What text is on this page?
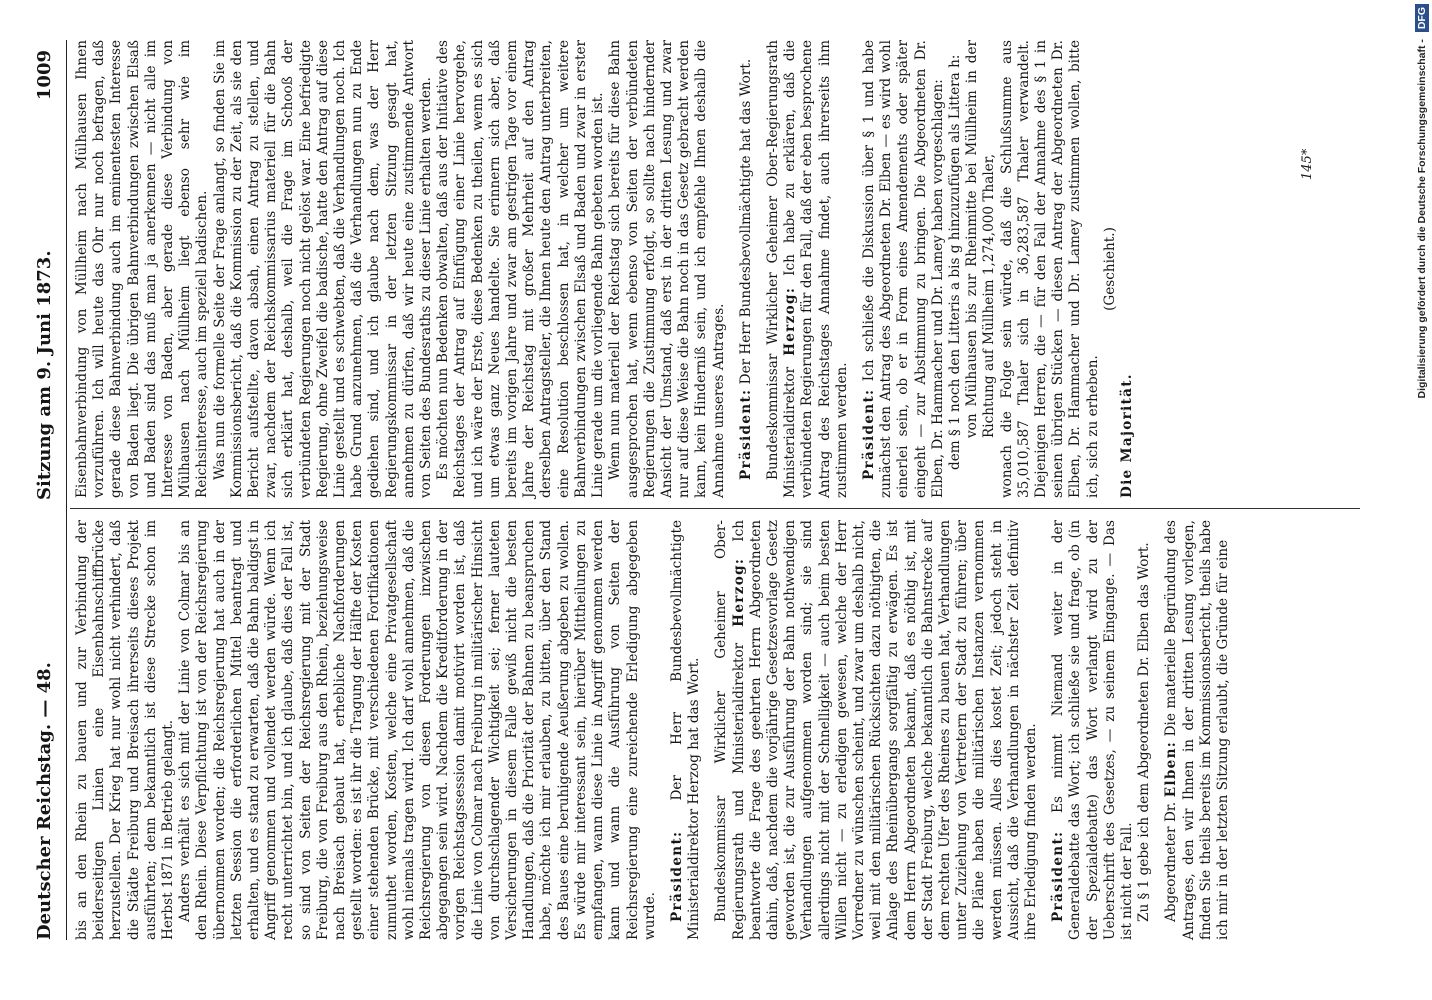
Deutscher Reichstag. — 48.
Sitzung am 9. Juni 1873.
1009

bis an den Rhein zu bauen und zur Verbindung der beiderseitigen Linien eine Eisenbahnschiffbrücke herzustellen. Der Krieg hat nur wohl nicht verhindert, daß die Städte Freiburg und Breisach ihrerseits dieses Projekt ausführten; denn bekanntlich ist diese Strecke schon im Herbst 1871 in Betrieb gelangt. Anders verhält es sich mit der Linie von Colmar bis an den Rhein. Diese Verpflichtung ist von der Reichsregierung übernommen worden; die Reichsregierung hat auch in der letzten Session die erforderlichen Mittel beantragt und erhalten, und es stand zu erwarten, daß die Bahn baldigst in Angriff genommen und vollendet werden würde. Wenn ich recht unterrichtet bin, und ich glaube, daß dies der Fall ist, so sind von Seiten der Reichsregierung mit der Stadt Freiburg, die von Freiburg aus den Rhein, beziehungsweise nach Breisach gebaut hat, erhebliche Nachforderungen gestellt worden: es ist ihr die Tragung der Hälfte der Kosten einer stehenden Brücke, mit verschiedenen Fortifikationen zumuthet worden, Kosten, welche eine Privatgesellschaft wohl niemals tragen wird. Ich darf wohl annehmen, daß die Reichsregierung von diesen Forderungen inzwischen abgegangen sein wird. Nachdem die Kreditforderung in der vorigen Reichstagssession damit motivirt worden ist, daß die Linie von Colmar nach Freiburg in militärischer Hinsicht von durchschlagender Wichtigkeit sei; ferner lauteten Versicherungen in diesem Falle gewiß nicht die besten Handlungen, daß die Priorität der Bahnen zu beanspruchen habe, möchte ich mir erlauben, zu bitten, über den Stand des Baues eine beruhigende Aeußerung abgeben zu wollen. Es würde mir interessant sein, hierüber Mittheilungen zu empfangen, wann diese Linie in Angriff genommen werden kann und wann die Ausführung von Seiten der Reichsregierung eine zureichende Erledigung abgegeben wurde. Präsident: Der Herr Bundesbevollmächtigte Ministerialdirektor Herzog hat das Wort. Bundeskommissar Wirklicher Geheimer Ober-Regierungsrath und Ministerialdirektor Herzog: Ich beantworte die Frage des geehrten Herrn Abgeordneten dahin, daß, nachdem die vorjährige Gesetzesvorlage Gesetz geworden ist, die zur Ausführung der Bahn nothwendigen Verhandlungen aufgenommen worden sind; sie sind allerdings nicht mit der Schnelligkeit — auch beim besten Willen nicht — zu erledigen gewesen, welche der Herr Vorredner zu wünschen scheint, und zwar um deshalb nicht, weil mit den militärischen Rücksichten dazu nöthigten, die Anlage des Rheinübergangs sorgfältig zu erwägen. Es ist dem Herrn Abgeordneten bekannt, daß es nöthig ist, mit der Stadt Freiburg, welche bekanntlich die Bahnstrecke auf dem rechten Ufer des Rheines zu bauen hat, Verhandlungen unter Zuziehung von Vertretern der Stadt zu führen; über die Pläne haben die militärischen Instanzen vernommen werden müssen. Alles dies kostet Zeit; jedoch steht in Aussicht, daß die Verhandlungen in nächster Zeit definitiv ihre Erledigung finden werden. Präsident: Es nimmt Niemand weiter in der Generaldebatte das Wort; ich schließe sie und frage, ob (in der Spezialdebatte) das Wort verlangt wird zu der Ueberschrift des Gesetzes, — zu seinem Eingange. — Das ist nicht der Fall. Zu § 1 gebe ich dem Abgeordneten Dr. Elben das Wort. Abgeordneter Dr. Elben: Die materielle Begründung des Antrages, den wir Ihnen in der dritten Lesung vorlegen, finden Sie theils bereits im Kommissionsbericht, theils habe ich mir in der letzten Sitzung erlaubt, die Gründe für eine

Eisenbahnverbindung von Müllheim nach Mülhausen Ihnen vorzuführen. Ich will heute das Ohr nur noch befragen, daß gerade diese Bahnverbindung auch im eminentesten Interesse von Baden liegt. Die übrigen Bahnverbindungen zwischen Elsaß und Baden sind das muß man ja anerkennen — nicht alle im Interesse von Baden, aber gerade diese Verbindung von Mülhausen nach Müllheim liegt ebenso sehr wie im Reichsinteresse, auch im speziell badischen. Was nun die formelle Seite der Frage anlangt, so finden Sie im Kommissionsbericht, daß die Kommission zu der Zeit, als sie den Bericht aufstellte, davon absah, einen Antrag zu stellen, und zwar, nachdem der Reichskommissarius materiell für die Bahn sich erklärt hat, deshalb, weil die Frage im Schooß der verbündeten Regierungen noch nicht gelöst war. Eine befriedigte Regierung, ohne Zweifel die badische, hatte den Antrag auf diese Linie gestellt und es schwebten, daß die Verhandlungen noch. Ich habe Grund anzunehmen, daß die Verhandlungen nun zu Ende gediehen sind, und ich glaube nach dem, was der Herr Regierungskommissar in der letzten Sitzung gesagt hat, annehmen zu dürfen, daß wir heute eine zustimmende Antwort von Seiten des Bundesraths zu dieser Linie erhalten werden. Es möchten nun Bedenken obwalten, daß aus der Initiative des Reichstages der Antrag auf Einfügung einer Linie hervorgehe, und ich wäre der Erste, diese Bedenken zu theilen, wenn es sich um etwas ganz Neues handelte. Sie erinnern sich aber, daß bereits im vorigen Jahre und zwar am gestrigen Tage vor einem Jahre der Reichstag mit großer Mehrheit auf den Antrag derselben Antragsteller, die Ihnen heute den Antrag unterbreiten, eine Resolution beschlossen hat, in welcher um weitere Bahnverbindungen zwischen Elsaß und Baden und zwar in erster Linie gerade um die vorliegende Bahn gebeten worden ist. Wenn nun materiell der Reichstag sich bereits für diese Bahn ausgesprochen hat, wenn ebenso von Seiten der verbündeten Regierungen die Zustimmung erfolgt, so sollte nach hindernder Ansicht der Umstand, daß erst in der dritten Lesung und zwar nur auf diese Weise die Bahn noch in das Gesetz gebracht werden kann, kein Hinderniß sein, und ich empfehle Ihnen deshalb die Annahme unseres Antrages. Präsident: Der Herr Bundesbevollmächtigte hat das Wort. Bundeskommissar Wirklicher Geheimer Ober-Regierungsrath Ministerialdirektor Herzog: Ich habe zu erklären, daß die verbündeten Regierungen für den Fall, daß der eben besprochene Antrag des Reichstages Annahme findet, auch ihrerseits ihm zustimmen werden. Präsident: Ich schließe die Diskussion über § 1 und habe zunächst den Antrag des Abgeordneten Dr. Elben — es wird wohl einerlei sein, ob er in Form eines Amendements oder später eingeht — zur Abstimmung zu bringen. Die Abgeordneten Dr. Elben, Dr. Hammacher und Dr. Lamey haben vorgeschlagen: dem § 1 noch den Litteris a bis g hinzuzufügen als Littera h: von Mülhausen bis zur Rheinmitte bei Müllheim in der Richtung auf Müllheim 1,274,000 Thaler, wonach die Folge sein würde, daß die Schlußsumme aus 35,010,587 Thaler sich in 36,283,587 Thaler verwandelt. Diejenigen Herren, die — für den Fall der Annahme des § 1 in seinen übrigen Stücken — diesen Antrag der Abgeordneten Dr. Elben, Dr. Hammacher und Dr. Lamey zustimmen wollen, bitte ich, sich zu erheben.

(Geschieht.)

Die Majorität.

145*	Digitalisierung gefördert durch die Deutsche Forschungsgemeinschaft - DFG
